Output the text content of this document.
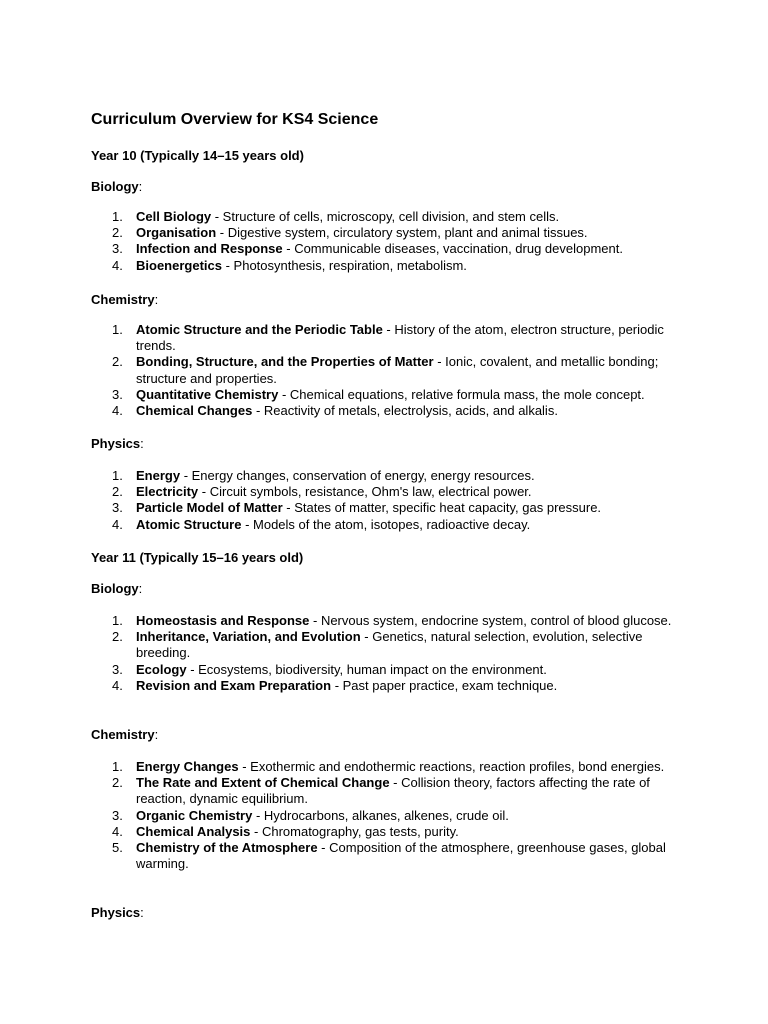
Curriculum Overview for KS4 Science
Year 10 (Typically 14–15 years old)
Biology:
1. Cell Biology - Structure of cells, microscopy, cell division, and stem cells.
2. Organisation - Digestive system, circulatory system, plant and animal tissues.
3. Infection and Response - Communicable diseases, vaccination, drug development.
4. Bioenergetics - Photosynthesis, respiration, metabolism.
Chemistry:
1. Atomic Structure and the Periodic Table - History of the atom, electron structure, periodic trends.
2. Bonding, Structure, and the Properties of Matter - Ionic, covalent, and metallic bonding; structure and properties.
3. Quantitative Chemistry - Chemical equations, relative formula mass, the mole concept.
4. Chemical Changes - Reactivity of metals, electrolysis, acids, and alkalis.
Physics:
1. Energy - Energy changes, conservation of energy, energy resources.
2. Electricity - Circuit symbols, resistance, Ohm's law, electrical power.
3. Particle Model of Matter - States of matter, specific heat capacity, gas pressure.
4. Atomic Structure - Models of the atom, isotopes, radioactive decay.
Year 11 (Typically 15–16 years old)
Biology:
1. Homeostasis and Response - Nervous system, endocrine system, control of blood glucose.
2. Inheritance, Variation, and Evolution - Genetics, natural selection, evolution, selective breeding.
3. Ecology - Ecosystems, biodiversity, human impact on the environment.
4. Revision and Exam Preparation - Past paper practice, exam technique.
Chemistry:
1. Energy Changes - Exothermic and endothermic reactions, reaction profiles, bond energies.
2. The Rate and Extent of Chemical Change - Collision theory, factors affecting the rate of reaction, dynamic equilibrium.
3. Organic Chemistry - Hydrocarbons, alkanes, alkenes, crude oil.
4. Chemical Analysis - Chromatography, gas tests, purity.
5. Chemistry of the Atmosphere - Composition of the atmosphere, greenhouse gases, global warming.
Physics:
